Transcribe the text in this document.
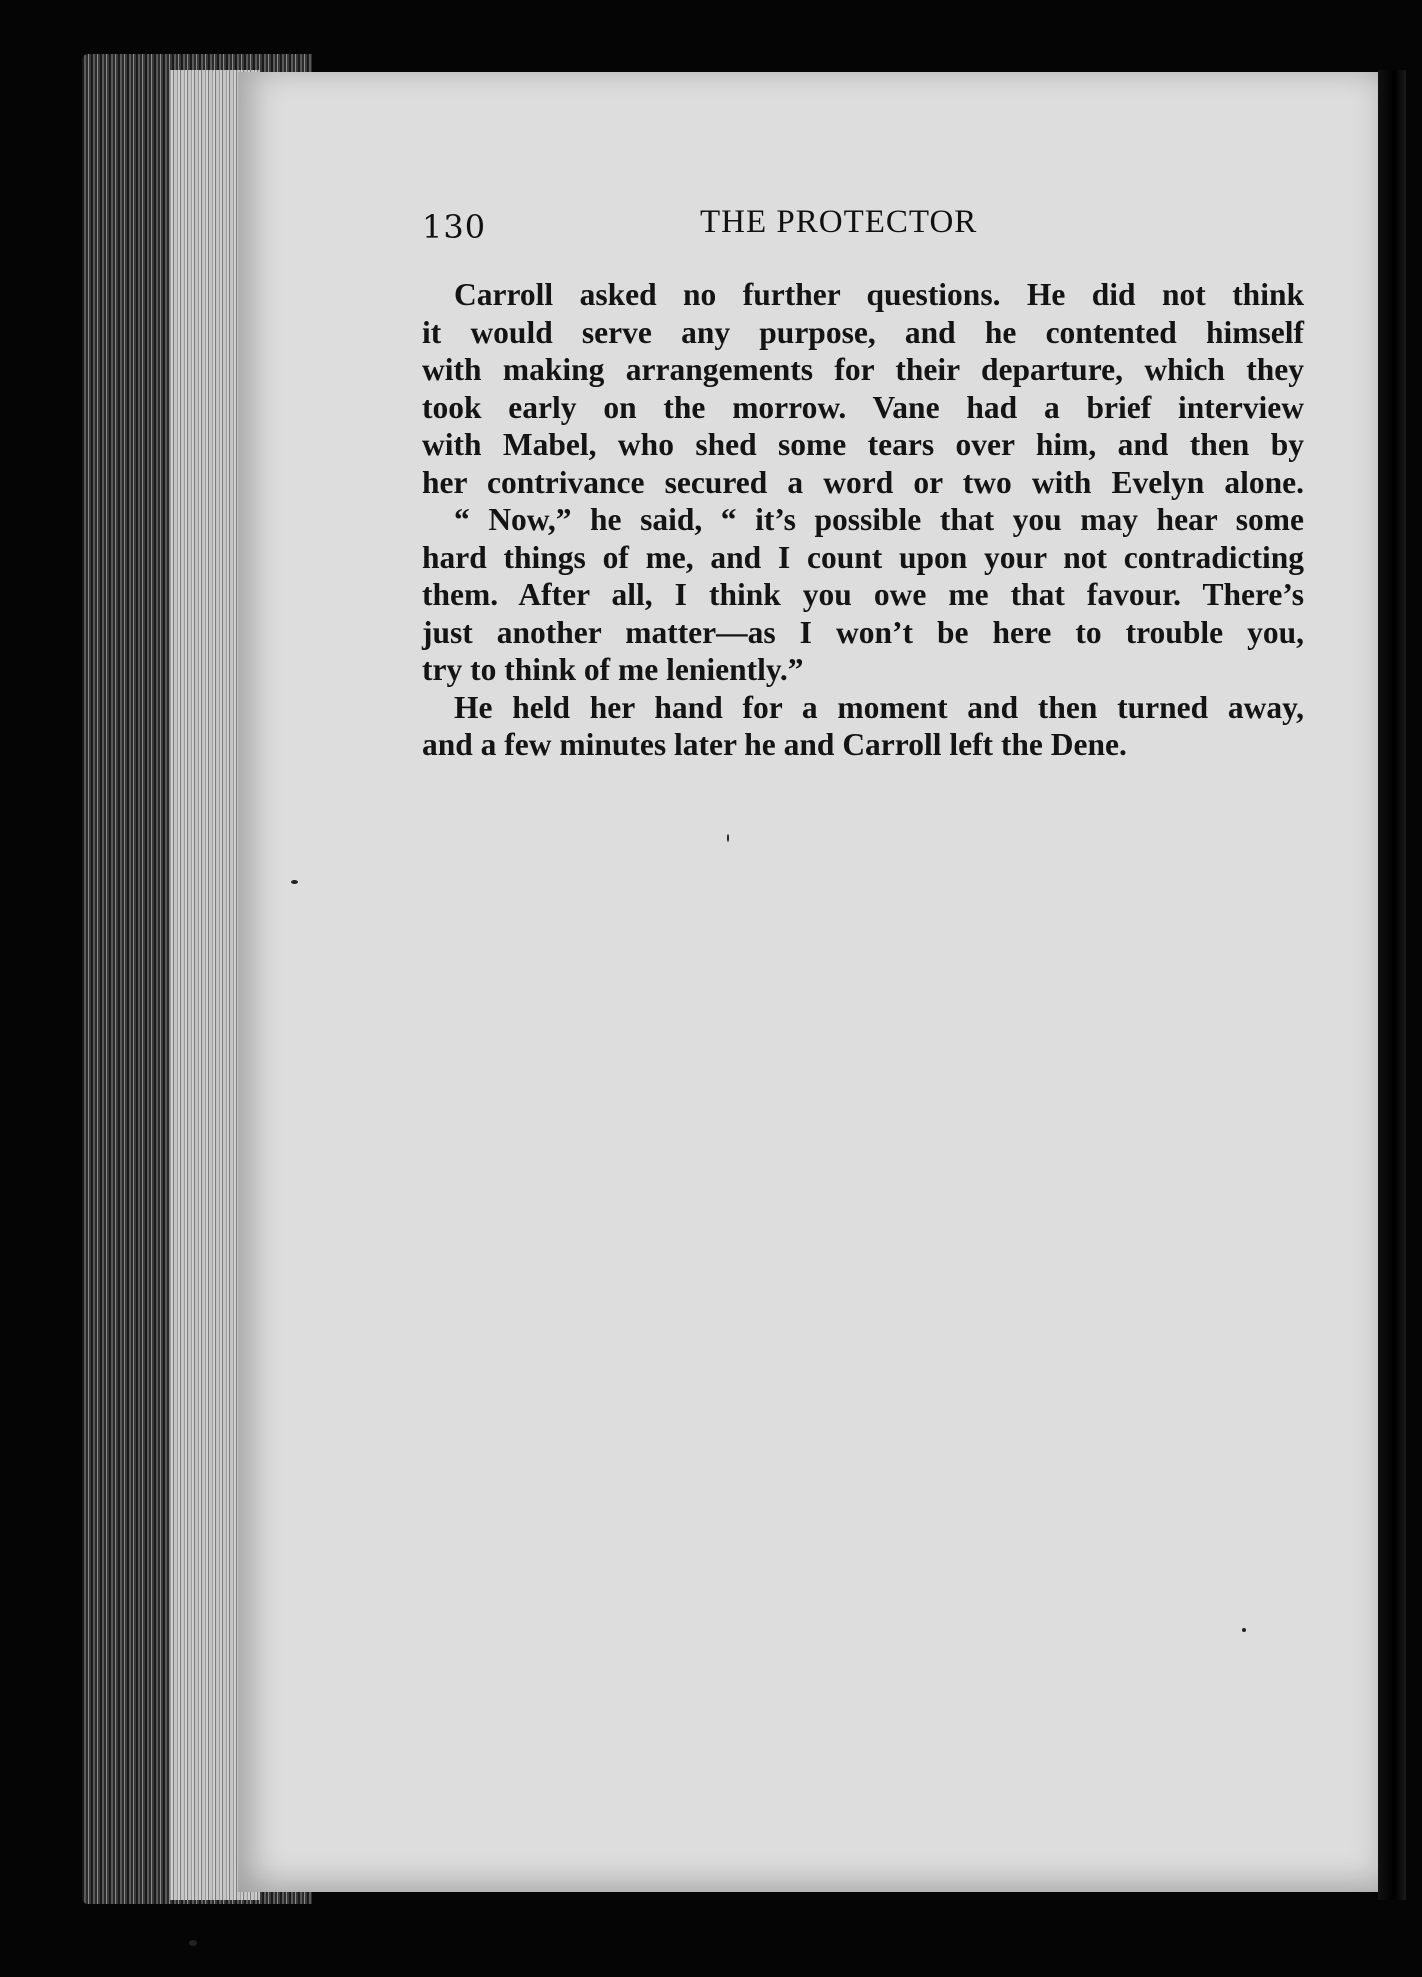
130	THE PROTECTOR

Carroll asked no further questions. He did not think
it would serve any purpose, and he contented himself
with making arrangements for their departure, which they
took early on the morrow. Vane had a brief interview
with Mabel, who shed some tears over him, and then by
her contrivance secured a word or two with Evelyn alone.

“ Now,” he said, “ it’s possible that you may hear some
hard things of me, and I count upon your not contradicting
them. After all, I think you owe me that favour. There’s
just another matter—as I won’t be here to trouble you,
try to think of me leniently.”

He held her hand for a moment and then turned away,
and a few minutes later he and Carroll left the Dene.
